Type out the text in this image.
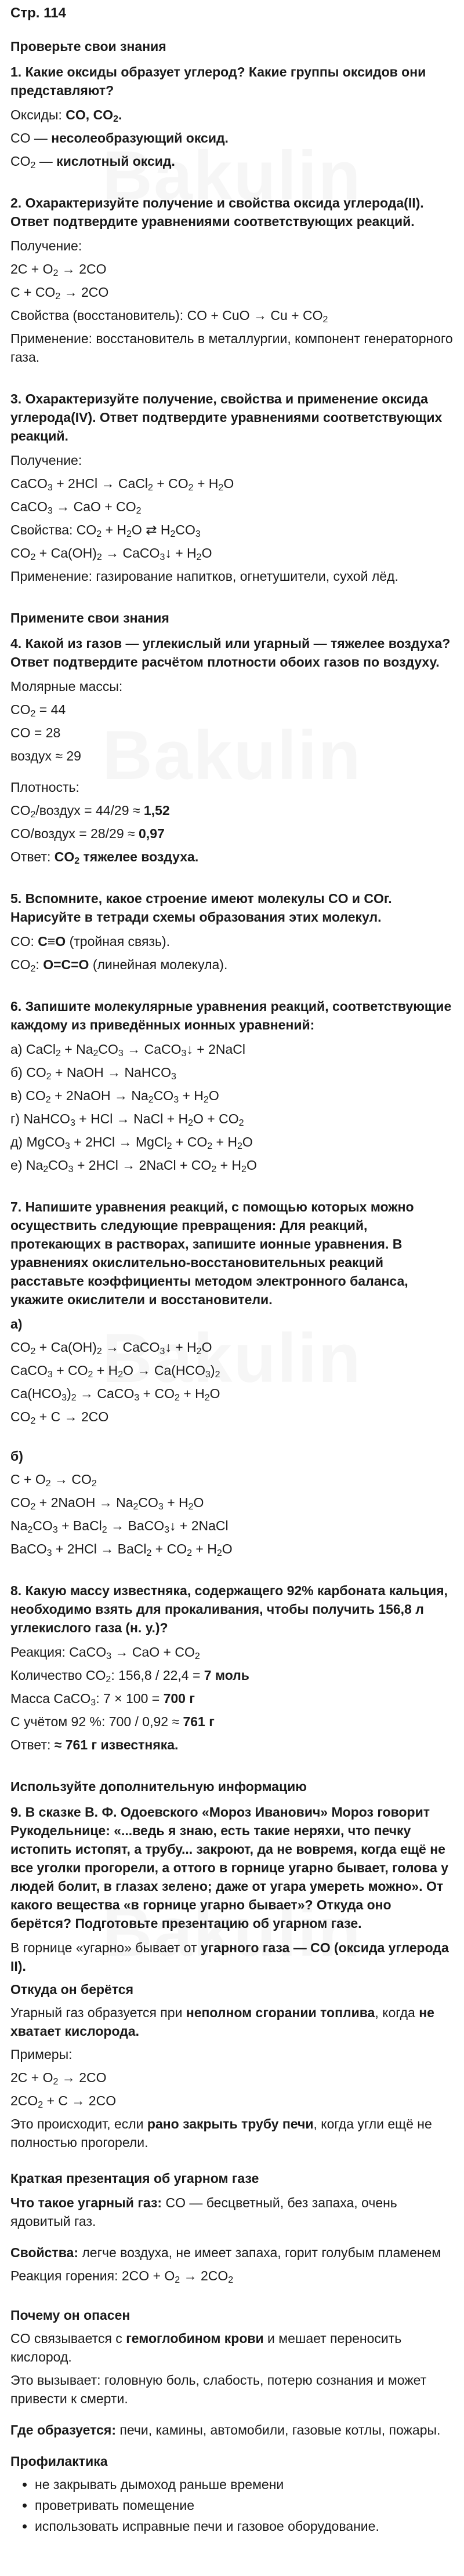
Стр. 114
Проверьте свои знания
1. Какие оксиды образует углерод? Какие группы оксидов они представляют?
Оксиды: CO, $CO_2$.
CO — несолеобразующий оксид.
$CO_2$ — кислотный оксид.
2. Охарактеризуйте получение и свойства оксида углерода(II). Ответ подтвердите уравнениями соответствующих реакций.
Получение:
$2C + O_2 \to 2CO$
$C + CO_2 \to 2CO$
Свойства (восстановитель): CO + CuO → $Cu + CO_2$
Применение: восстановитель в металлургии, компонент генераторного газа.
3. Охарактеризуйте получение, свойства и применение оксида углерода(IV). Ответ подтвердите уравнениями соответствующих реакций.
Получение:
CaCO$_3$ + 2HCl → CaCl$_2$ + $CO_2 + H_2O$
CaCO$_3$ → CaO + $CO_2$
Свойства: $CO_2 + H_2O$ ⇄ $H_2CO_3$
$CO_2 + Ca(OH)_2$ → CaCO$_3$↓ + $H_2O$
Применение: газирование напитков, огнетушители, сухой лёд.
Примените свои знания
4. Какой из газов — углекислый или угарный — тяжелее воздуха? Ответ подтвердите расчётом плотности обоих газов по воздуху.
Молярные массы:
$CO_2 = 44$
CO = 28
воздух ≈ 29
Плотность:
$CO_2$/воздух = 44/29 ≈ 1,52
CO/воздух = 28/29 ≈ 0,97
Ответ: $CO_2$ тяжелее воздуха.
5. Вспомните, какое строение имеют молекулы CO и COг. Нарисуйте в тетради схемы образования этих молекул.
CO: C≡O (тройная связь).
$CO_2$: O=C=O (линейная молекула).
6. Запишите молекулярные уравнения реакций, соответствующие каждому из приведённых ионных уравнений:
а) CaCl$_2$ + $Na_2CO_3$ → CaCO$_3$↓ + 2NaCl
б) $CO_2$ + NaOH → NaHCO$_3$
в) $CO_2$ + 2NaOH → $Na_2CO_3 + H_2O$
г) NaHCO$_3$ + HCl → NaCl + $H_2O + CO_2$
д) MgCO$_3$ + 2HCl → MgCl$_2$ + $CO_2 + H_2O$
е) $Na_2CO_3 + 2HCl$ → 2NaCl + $CO_2 + H_2O$
7. Напишите уравнения реакций, с помощью которых можно осуществить следующие превращения: Для реакций, протекающих в растворах, запишите ионные уравнения. В уравнениях окислительно-восстановительных реакций расставьте коэффициенты методом электронного баланса, укажите окислители и восстановители.
а)
$CO_2 + Ca(OH)_2$ → CaCO$_3$↓ + $H_2O$
CaCO$_3$ + $CO_2 + H_2O \to Ca(HCO_3)_2$
$Ca(HCO_3)_2$ → CaCO$_3$ + $CO_2 + H_2O$
$CO_2 + C \to 2CO$
б)
$C + O_2 \to CO_2$
$CO_2$ + 2NaOH → $Na_2CO_3 + H_2O$
$Na_2CO_3$ + BaCl$_2$ → BaCO$_3$↓ + 2NaCl
BaCO$_3$ + 2HCl → BaCl$_2$ + $CO_2 + H_2O$
8. Какую массу известняка, содержащего 92% карбоната кальция, необходимо взять для прокаливания, чтобы получить 156,8 л углекислого газа (н. у.)?
Реакция: CaCO$_3$ → CaO + $CO_2$
Количество $CO_2$: 156,8 / 22,4 = 7 моль
Масса CaCO$_3$: 7 × 100 = 700 г
С учётом 92 %: 700 / 0,92 ≈ 761 г
Ответ: ≈ 761 г известняка.
Используйте дополнительную информацию
9. В сказке В. Ф. Одоевского «Мороз Иванович» Мороз говорит Рукодельнице: «...ведь я знаю, есть такие неряхи, что печку истопить истопят, а трубу... закроют, да не вовремя, когда ещё не все уголки прогорели, а оттого в горнице угарно бывает, голова у людей болит, в глазах зелено; даже от угара умереть можно». От какого вещества «в горнице угарно бывает»? Откуда оно берётся? Подготовьте презентацию об угарном газе.
В горнице «угарно» бывает от угарного газа — CO (оксида углерода II).
Откуда он берётся
Угарный газ образуется при неполном сгорании топлива, когда не хватает кислорода.
Примеры:
$2C + O_2 \to 2CO$
$2CO_2 + C \to 2CO$
Это происходит, если рано закрыть трубу печи, когда угли ещё не полностью прогорели.
Краткая презентация об угарном газе
Что такое угарный газ: CO — бесцветный, без запаха, очень ядовитый газ.
Свойства: легче воздуха, не имеет запаха, горит голубым пламенем
Реакция горения: $2CO + O_2 \to 2CO_2$
Почему он опасен
CO связывается с гемоглобином крови и мешает переносить кислород.
Это вызывает: головную боль, слабость, потерю сознания и может привести к смерти.
Где образуется: печи, камины, автомобили, газовые котлы, пожары.
Профилактика
• не закрывать дымоход раньше времени
• проветривать помещение
• использовать исправные печи и газовое оборудование.
